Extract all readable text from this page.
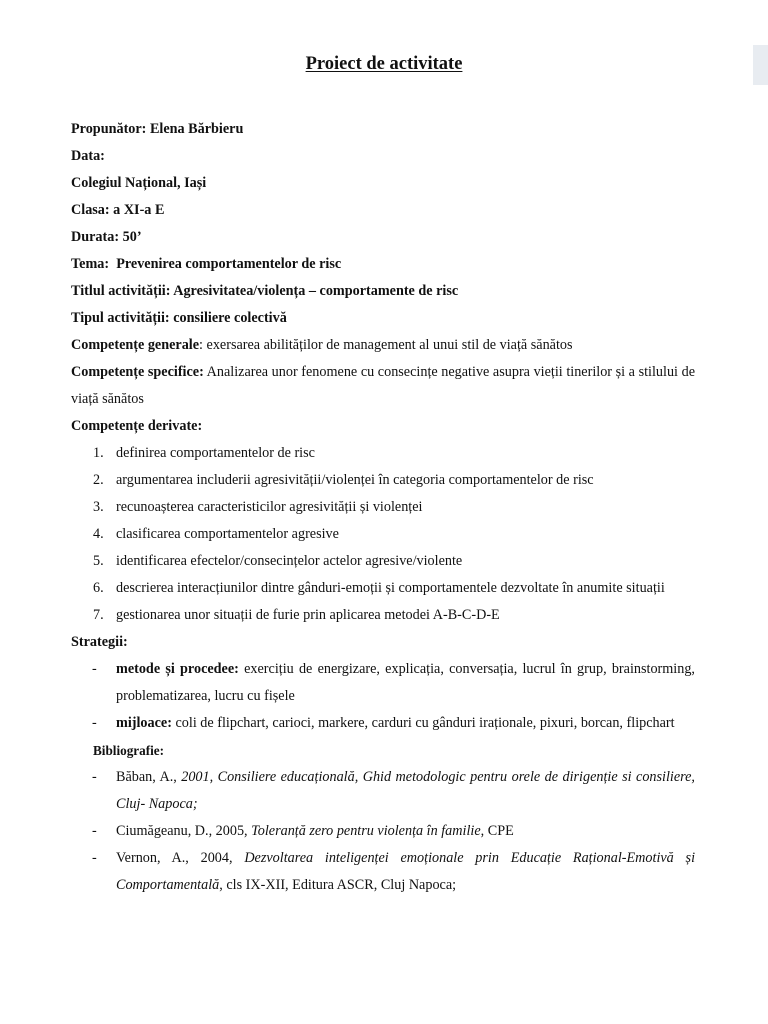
Proiect de activitate

Propunător: Elena Bărbieru

Data:

Colegiul Național, Iași

Clasa: a XI-a E

Durata: 50’

Tema: Prevenirea comportamentelor de risc

Titlul activității: Agresivitatea/violența – comportamente de risc

Tipul activității: consiliere colectivă

Competențe generale: exersarea abilităților de management al unui stil de viață sănătos

Competențe specifice: Analizarea unor fenomene cu consecințe negative asupra vieții tinerilor și a stilului de viață sănătos

Competențe derivate:

1. definirea comportamentelor de risc
2. argumentarea includerii agresivității/violenței în categoria comportamentelor de risc
3. recunoașterea caracteristicilor agresivității și violenței
4. clasificarea comportamentelor agresive
5. identificarea efectelor/consecințelor actelor agresive/violente
6. descrierea interacțiunilor dintre gânduri-emoții și comportamentele dezvoltate în anumite situații
7. gestionarea unor situații de furie prin aplicarea metodei A-B-C-D-E

Strategii:

- metode și procedee: exercițiu de energizare, explicația, conversația, lucrul în grup, brainstorming, problematizarea, lucru cu fișele
- mijloace: coli de flipchart, carioci, markere, carduri cu gânduri iraționale, pixuri, borcan, flipchart

Bibliografie:

- Băban, A., 2001, Consiliere educațională, Ghid metodologic pentru orele de dirigenție si consiliere, Cluj- Napoca;
- Ciumăgeanu, D., 2005, Toleranță zero pentru violența în familie, CPE
- Vernon, A., 2004, Dezvoltarea inteligenței emoționale prin Educație Rațional-Emotivă și Comportamentală, cls IX-XII, Editura ASCR, Cluj Napoca;
